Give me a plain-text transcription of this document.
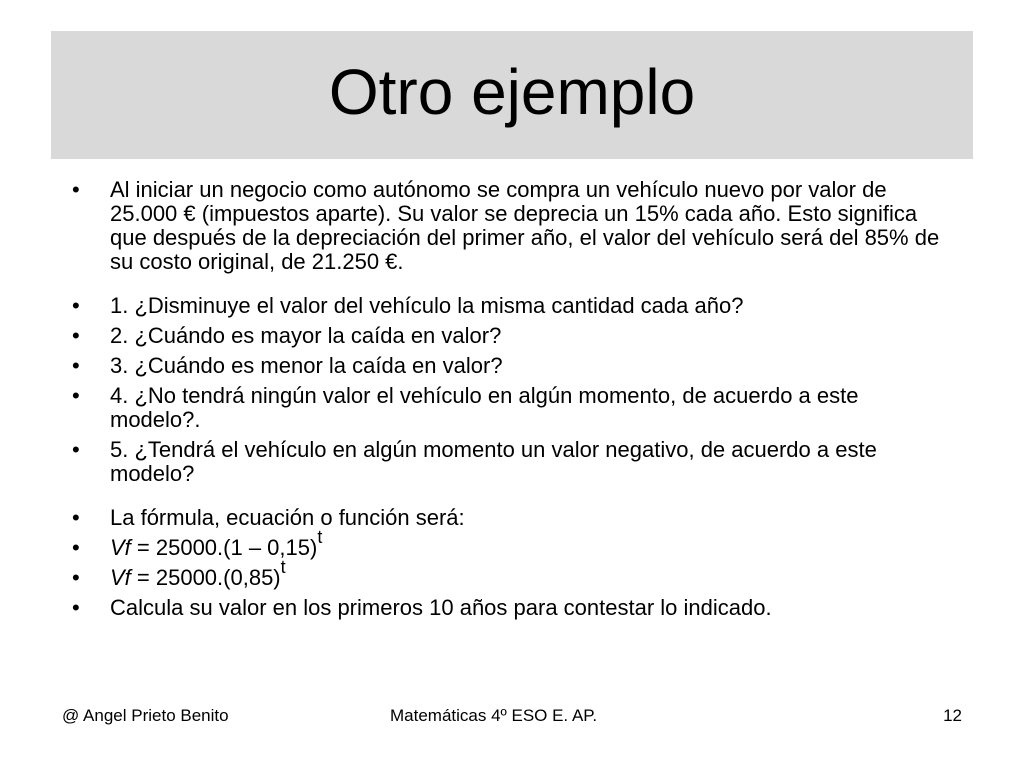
Otro ejemplo
• Al iniciar un negocio como autónomo se compra un vehículo nuevo por valor de 25.000 € (impuestos aparte). Su valor se deprecia un 15% cada año. Esto significa que después de la depreciación del primer año, el valor del vehículo será del 85% de su costo original, de 21.250 €.
• 1. ¿Disminuye el valor del vehículo la misma cantidad cada año?
• 2. ¿Cuándo es mayor la caída en valor?
• 3. ¿Cuándo es menor la caída en valor?
• 4. ¿No tendrá ningún valor el vehículo en algún momento, de acuerdo a este modelo?.
• 5. ¿Tendrá el vehículo en algún momento un valor negativo, de acuerdo a este modelo?
• La fórmula, ecuación o función será:
• Vf = 25000.(1 – 0,15)$^t$
• $Vf = 25000.(0,85)^t$
• Calcula su valor en los primeros 10 años para contestar lo indicado.
@ Angel Prieto Benito	Matemáticas 4º ESO E. AP.	12
